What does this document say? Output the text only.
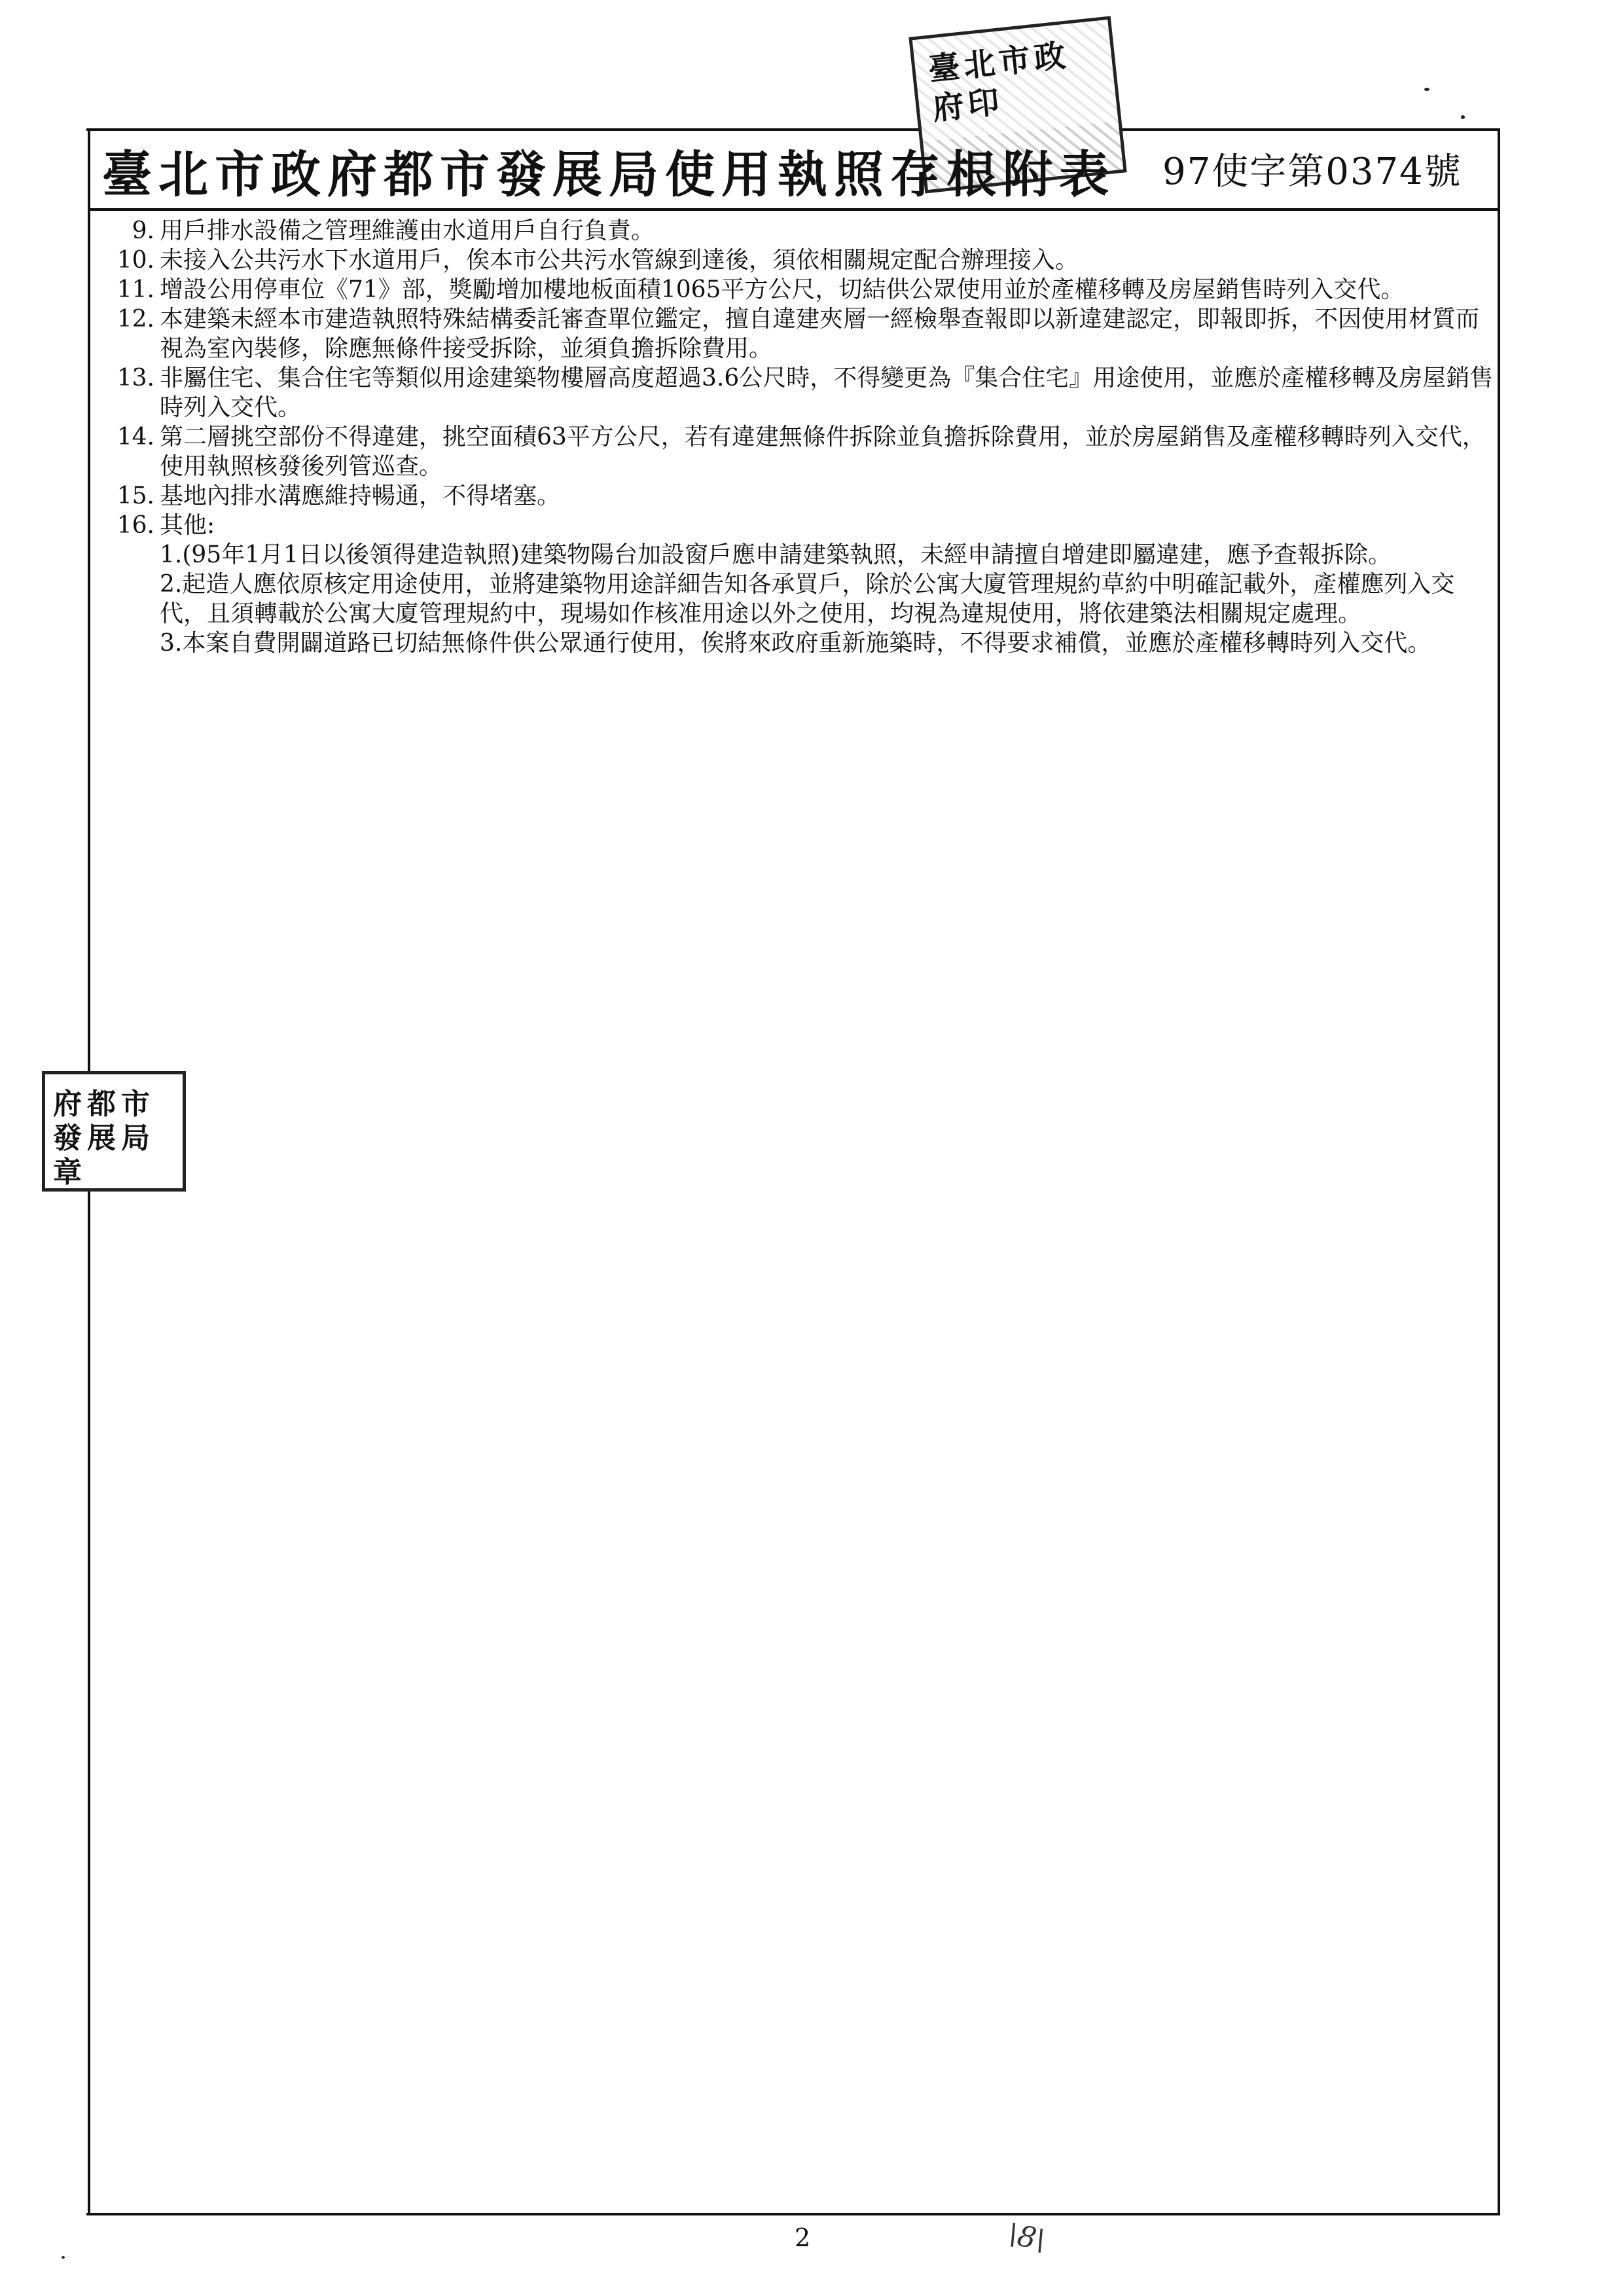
臺北市政府印
臺北市政府都市發展局使用執照存根附表 97使字第0374號
9. 用戶排水設備之管理維護由水道用戶自行負責。
10. 未接入公共污水下水道用戶，俟本市公共污水管線到達後，須依相關規定配合辦理接入。
11. 增設公用停車位《71》部，獎勵增加樓地板面積1065平方公尺，切結供公眾使用並於產權移轉及房屋銷售時列入交代。
12. 本建築未經本市建造執照特殊結構委託審查單位鑑定，擅自違建夾層一經檢舉查報即以新違建認定，即報即拆，不因使用材質而視為室內裝修，除應無條件接受拆除，並須負擔拆除費用。
13. 非屬住宅、集合住宅等類似用途建築物樓層高度超過3.6公尺時，不得變更為『集合住宅』用途使用，並應於產權移轉及房屋銷售時列入交代。
14. 第二層挑空部份不得違建，挑空面積63平方公尺，若有違建無條件拆除並負擔拆除費用，並於房屋銷售及產權移轉時列入交代，使用執照核發後列管巡查。
15. 基地內排水溝應維持暢通，不得堵塞。
16. 其他:
1.(95年1月1日以後領得建造執照)建築物陽台加設窗戶應申請建築執照，未經申請擅自增建即屬違建，應予查報拆除。
2.起造人應依原核定用途使用，並將建築物用途詳細告知各承買戶，除於公寓大廈管理規約草約中明確記載外，產權應列入交代，且須轉載於公寓大廈管理規約中，現場如作核准用途以外之使用，均視為違規使用，將依建築法相關規定處理。
3.本案自費開闢道路已切結無條件供公眾通行使用，俟將來政府重新施築時，不得要求補償，並應於產權移轉時列入交代。
府都市發展局章
2	\8\
